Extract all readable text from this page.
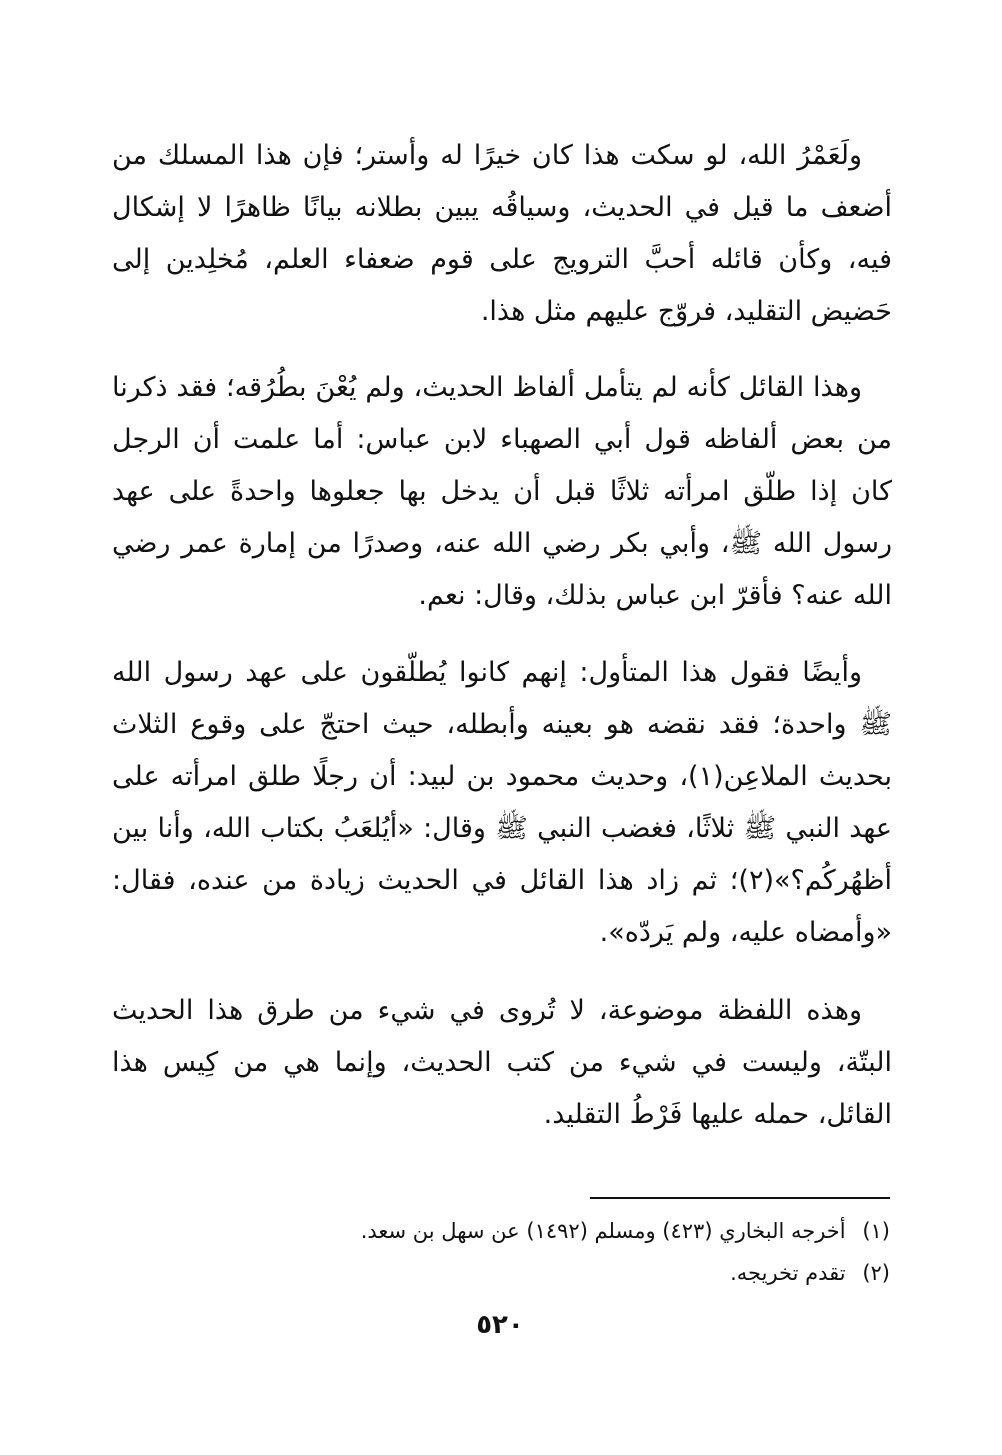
ولَعَمْرُ الله، لو سكت هذا كان خيرًا له وأستر؛ فإن هذا المسلك من أضعف ما قيل في الحديث، وسياقُه يبين بطلانه بيانًا ظاهرًا لا إشكال فيه، وكأن قائله أحبَّ الترويج على قوم ضعفاء العلم، مُخلِدين إلى حَضيض التقليد، فروّج عليهم مثل هذا.

وهذا القائل كأنه لم يتأمل ألفاظ الحديث، ولم يُعْنَ بطُرُقه؛ فقد ذكرنا من بعض ألفاظه قول أبي الصهباء لابن عباس: أما علمت أن الرجل كان إذا طلّق امرأته ثلاثًا قبل أن يدخل بها جعلوها واحدةً على عهد رسول الله ﷺ، وأبي بكر رضي الله عنه، وصدرًا من إمارة عمر رضي الله عنه؟ فأقرّ ابن عباس بذلك، وقال: نعم.

وأيضًا فقول هذا المتأول: إنهم كانوا يُطلّقون على عهد رسول الله ﷺ واحدة؛ فقد نقضه هو بعينه وأبطله، حيث احتجّ على وقوع الثلاث بحديث الملاعِن(١)، وحديث محمود بن لبيد: أن رجلًا طلق امرأته على عهد النبي ﷺ ثلاثًا، فغضب النبي ﷺ وقال: «أيُلعَبُ بكتاب الله، وأنا بين أظهُركُم؟»(٢)؛ ثم زاد هذا القائل في الحديث زيادة من عنده، فقال: «وأمضاه عليه، ولم يَردّه».

وهذه اللفظة موضوعة، لا تُروى في شيء من طرق هذا الحديث البتّة، وليست في شيء من كتب الحديث، وإنما هي من كِيس هذا القائل، حمله عليها فَرْطُ التقليد.

(١) أخرجه البخاري (٤٢٣) ومسلم (١٤٩٢) عن سهل بن سعد.

(٢) تقدم تخريجه.

٥٢٠
